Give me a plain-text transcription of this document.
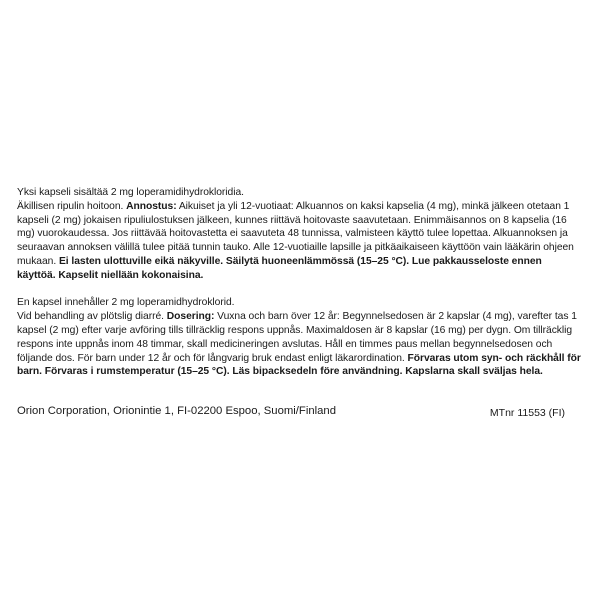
Yksi kapseli sisältää 2 mg loperamidihydrokloridia.

Äkillisen ripulin hoitoon. Annostus: Aikuiset ja yli 12-vuotiaat: Alkuannos on kaksi kapselia (4 mg), minkä jälkeen otetaan 1 kapseli (2 mg) jokaisen ripuliulostuksen jälkeen, kunnes riittävä hoitovaste saavutetaan. Enimmäisannos on 8 kapselia (16 mg) vuorokaudessa. Jos riittävää hoitovastetta ei saavuteta 48 tunnissa, valmisteen käyttö tulee lopettaa. Alkuannoksen ja seuraavan annoksen välillä tulee pitää tunnin tauko. Alle 12-vuotiaille lapsille ja pitkäaikaiseen käyttöön vain lääkärin ohjeen mukaan. Ei lasten ulottuville eikä näkyville. Säilytä huoneenlämmössä (15–25 °C). Lue pakkausseloste ennen käyttöä. Kapselit niellään kokonaisina.

En kapsel innehåller 2 mg loperamidhydroklorid.

Vid behandling av plötslig diarré. Dosering: Vuxna och barn över 12 år: Begynnelsedosen är 2 kapslar (4 mg), varefter tas 1 kapsel (2 mg) efter varje avföring tills tillräcklig respons uppnås. Maximaldosen är 8 kapslar (16 mg) per dygn. Om tillräcklig respons inte uppnås inom 48 timmar, skall medicineringen avslutas. Håll en timmes paus mellan begynnelsedosen och följande dos. För barn under 12 år och för långvarig bruk endast enligt läkarordination. Förvaras utom syn- och räckhåll för barn. Förvaras i rumstemperatur (15–25 °C). Läs bipacksedeln före användning. Kapslarna skall sväljas hela.

Orion Corporation, Orionintie 1, FI-02200 Espoo, Suomi/Finland	MTnr 11553 (FI)
